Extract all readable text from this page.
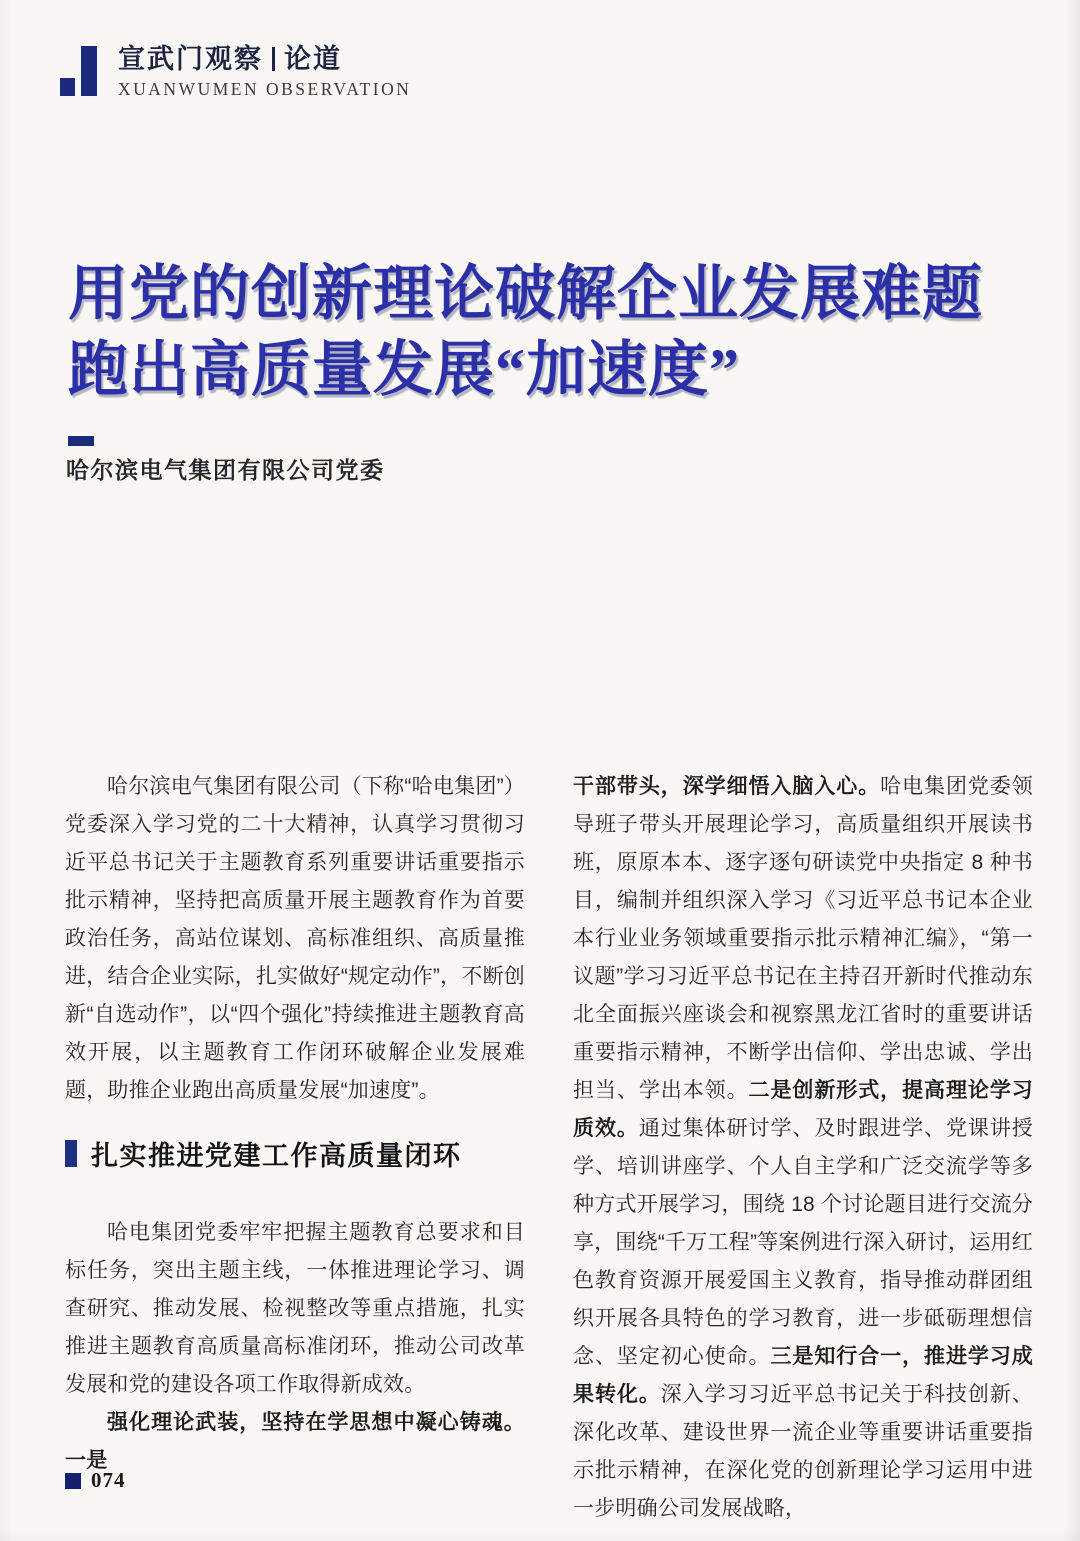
宣武门观察 论道
XUANWUMEN OBSERVATION
用党的创新理论破解企业发展难题
跑出高质量发展“加速度”
哈尔滨电气集团有限公司党委

哈尔滨电气集团有限公司（下称“哈电集团”）党委深入学习党的二十大精神，认真学习贯彻习近平总书记关于主题教育系列重要讲话重要指示批示精神，坚持把高质量开展主题教育作为首要政治任务，高站位谋划、高标准组织、高质量推进，结合企业实际，扎实做好“规定动作”，不断创新“自选动作”，以“四个强化”持续推进主题教育高效开展，以主题教育工作闭环破解企业发展难题，助推企业跑出高质量发展“加速度”。

扎实推进党建工作高质量闭环

哈电集团党委牢牢把握主题教育总要求和目标任务，突出主题主线，一体推进理论学习、调查研究、推动发展、检视整改等重点措施，扎实推进主题教育高质量高标准闭环，推动公司改革发展和党的建设各项工作取得新成效。

强化理论武装，坚持在学思想中凝心铸魂。一是

干部带头，深学细悟入脑入心。哈电集团党委领导班子带头开展理论学习，高质量组织开展读书班，原原本本、逐字逐句研读党中央指定 8 种书目，编制并组织深入学习《习近平总书记本企业本行业业务领域重要指示批示精神汇编》，“第一议题”学习习近平总书记在主持召开新时代推动东北全面振兴座谈会和视察黑龙江省时的重要讲话重要指示精神，不断学出信仰、学出忠诚、学出担当、学出本领。二是创新形式，提高理论学习质效。通过集体研讨学、及时跟进学、党课讲授学、培训讲座学、个人自主学和广泛交流学等多种方式开展学习，围绕 18 个讨论题目进行交流分享，围绕“千万工程”等案例进行深入研讨，运用红色教育资源开展爱国主义教育，指导推动群团组织开展各具特色的学习教育，进一步砥砺理想信念、坚定初心使命。三是知行合一，推进学习成果转化。深入学习习近平总书记关于科技创新、深化改革、建设世界一流企业等重要讲话重要指示批示精神，在深化党的创新理论学习运用中进一步明确公司发展战略，

074
